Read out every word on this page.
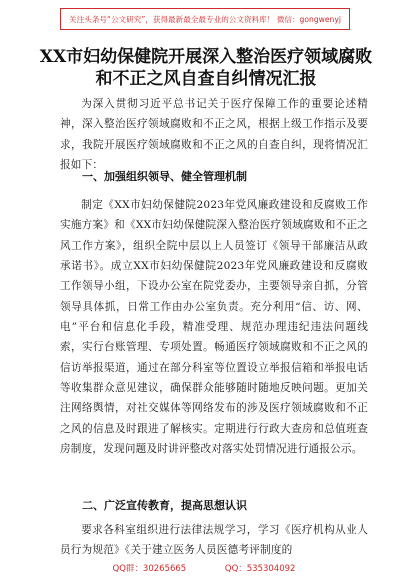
关注头条号“公文研究”，获得最新最全最专业的公文资料库！ 微信：gongwenyj
XX市妇幼保健院开展深入整治医疗领域腐败和不正之风自查自纠情况汇报
为深入贯彻习近平总书记关于医疗保障工作的重要论述精神，深入整治医疗领域腐败和不正之风，根据上级工作指示及要求，我院开展医疗领域腐败和不正之风的自查自纠，现将情况汇报如下：
一、加强组织领导、健全管理机制
制定《XX市妇幼保健院2023年党风廉政建设和反腐败工作实施方案》和《XX市妇幼保健院深入整治医疗领域腐败和不正之风工作方案》，组织全院中层以上人员签订《领导干部廉洁从政承诺书》。成立XX市妇幼保健院2023年党风廉政建设和反腐败工作领导小组，下设办公室在院党委办，主要领导亲自抓，分管领导具体抓，日常工作由办公室负责。充分利用“信、访、网、电”平台和信息化手段，精准受理、规范办理违纪违法问题线索，实行台账管理、专项处置。畅通医疗领域腐败和不正之风的信访举报渠道，通过在部分科室等位置设立举报信箱和举报电话等收集群众意见建议，确保群众能够随时随地反映问题。更加关注网络舆情，对社交媒体等网络发布的涉及医疗领域腐败和不正之风的信息及时跟进了解核实。定期进行行政大查房和总值班查房制度，发现问题及时讲评整改对落实处罚情况进行通报公示。
二、广泛宣传教育，提高思想认识
要求各科室组织进行法律法规学习，学习《医疗机构从业人员行为规范》《关于建立医务人员医德考评制度的
QQ群：30265665	QQ：535304092
